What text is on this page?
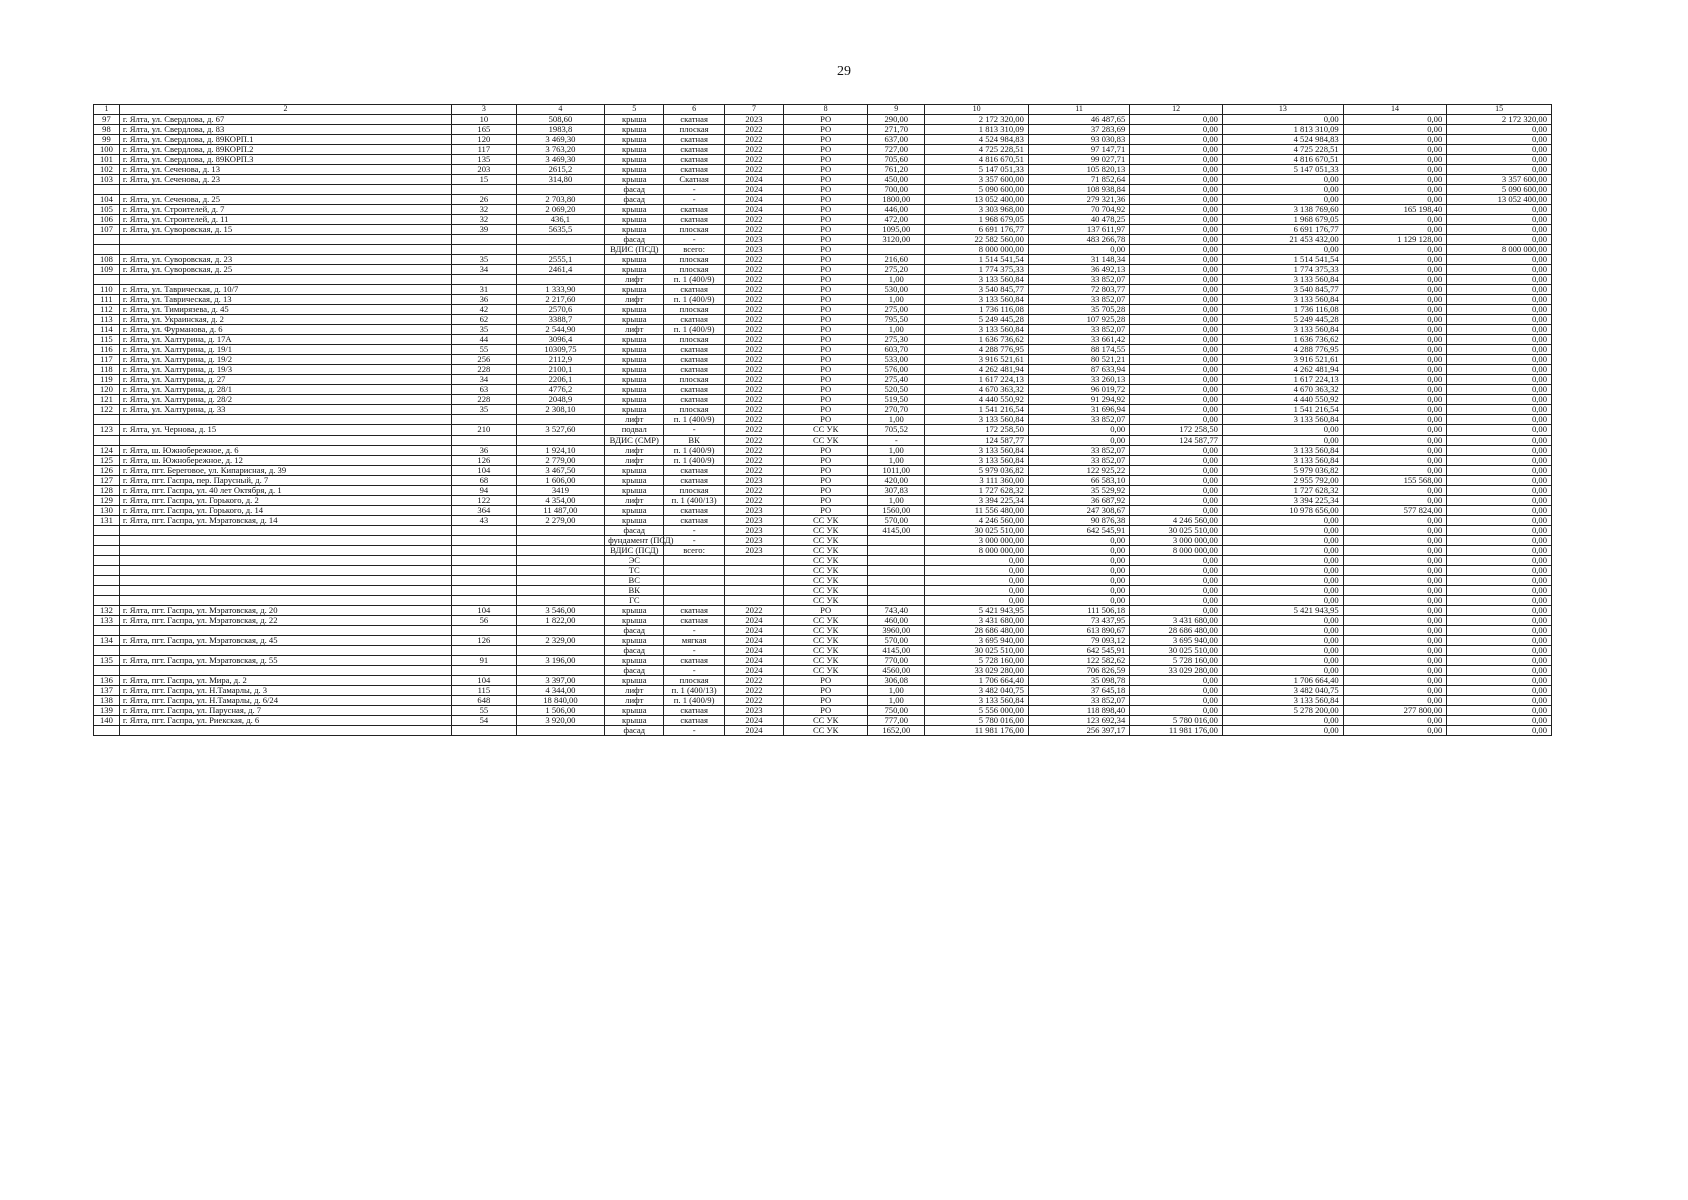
29
1	2	3	4	5	6	7	8	9	10	11	12	13	14	15
97	г. Ялта, ул. Свердлова, д. 67	10	508,60	крыша	скатная	2023	РО	290,00	2 172 320,00	46 487,65	0,00	0,00	0,00	2 172 320,00
98	г. Ялта, ул. Свердлова, д. 83	165	1983,8	крыша	плоская	2022	РО	271,70	1 813 310,09	37 283,69	0,00	1 813 310,09	0,00	0,00
99	г. Ялта, ул. Свердлова, д. 89КОРП.1	120	3 469,30	крыша	скатная	2022	РО	637,00	4 524 984,83	93 030,83	0,00	4 524 984,83	0,00	0,00
100	г. Ялта, ул. Свердлова, д. 89КОРП.2	117	3 763,20	крыша	скатная	2022	РО	727,00	4 725 228,51	97 147,71	0,00	4 725 228,51	0,00	0,00
101	г. Ялта, ул. Свердлова, д. 89КОРП.3	135	3 469,30	крыша	скатная	2022	РО	705,60	4 816 670,51	99 027,71	0,00	4 816 670,51	0,00	0,00
102	г. Ялта, ул. Сеченова, д. 13	203	2615,2	крыша	скатная	2022	РО	761,20	5 147 051,33	105 820,13	0,00	5 147 051,33	0,00	0,00
103	г. Ялта, ул. Сеченова, д. 23	15	314,80	крыша	Скатная	2024	РО	450,00	3 357 600,00	71 852,64	0,00	0,00	0,00	3 357 600,00
				фасад	-	2024	РО	700,00	5 090 600,00	108 938,84	0,00	0,00	0,00	5 090 600,00
104	г. Ялта, ул. Сеченова, д. 25	26	2 703,80	фасад	-	2024	РО	1800,00	13 052 400,00	279 321,36	0,00	0,00	0,00	13 052 400,00
105	г. Ялта, ул. Строителей, д. 7	32	2 069,20	крыша	скатная	2024	РО	446,00	3 303 968,00	70 704,92	0,00	3 138 769,60	165 198,40	0,00
106	г. Ялта, ул. Строителей, д. 11	32	436,1	крыша	скатная	2022	РО	472,00	1 968 679,05	40 478,25	0,00	1 968 679,05	0,00	0,00
107	г. Ялта, ул. Суворовская, д. 15	39	5635,5	крыша	плоская	2022	РО	1095,00	6 691 176,77	137 611,97	0,00	6 691 176,77	0,00	0,00
				фасад	-	2023	РО	3120,00	22 582 560,00	483 266,78	0,00	21 453 432,00	1 129 128,00	0,00
				ВДИС (ПСД)	всего:	2023	РО		8 000 000,00	0,00	0,00	0,00	0,00	8 000 000,00
108	г. Ялта, ул. Суворовская, д. 23	35	2555,1	крыша	плоская	2022	РО	216,60	1 514 541,54	31 148,34	0,00	1 514 541,54	0,00	0,00
109	г. Ялта, ул. Суворовская, д. 25	34	2461,4	крыша	плоская	2022	РО	275,20	1 774 375,33	36 492,13	0,00	1 774 375,33	0,00	0,00
				лифт	п. 1 (400/9)	2022	РО	1,00	3 133 560,84	33 852,07	0,00	3 133 560,84	0,00	0,00
110	г. Ялта, ул. Таврическая, д. 10/7	31	1 333,90	крыша	скатная	2022	РО	530,00	3 540 845,77	72 803,77	0,00	3 540 845,77	0,00	0,00
111	г. Ялта, ул. Таврическая, д. 13	36	2 217,60	лифт	п. 1 (400/9)	2022	РО	1,00	3 133 560,84	33 852,07	0,00	3 133 560,84	0,00	0,00
112	г. Ялта, ул. Тимирязева, д. 45	42	2570,6	крыша	плоская	2022	РО	275,00	1 736 116,08	35 705,28	0,00	1 736 116,08	0,00	0,00
113	г. Ялта, ул. Украинская, д. 2	62	3388,7	крыша	скатная	2022	РО	795,50	5 249 445,28	107 925,28	0,00	5 249 445,28	0,00	0,00
114	г. Ялта, ул. Фурманова, д. 6	35	2 544,90	лифт	п. 1 (400/9)	2022	РО	1,00	3 133 560,84	33 852,07	0,00	3 133 560,84	0,00	0,00
115	г. Ялта, ул. Халтурина, д. 17А	44	3096,4	крыша	плоская	2022	РО	275,30	1 636 736,62	33 661,42	0,00	1 636 736,62	0,00	0,00
116	г. Ялта, ул. Халтурина, д. 19/1	55	10309,75	крыша	скатная	2022	РО	603,70	4 288 776,95	88 174,55	0,00	4 288 776,95	0,00	0,00
117	г. Ялта, ул. Халтурина, д. 19/2	256	2112,9	крыша	скатная	2022	РО	533,00	3 916 521,61	80 521,21	0,00	3 916 521,61	0,00	0,00
118	г. Ялта, ул. Халтурина, д. 19/3	228	2100,1	крыша	скатная	2022	РО	576,00	4 262 481,94	87 633,94	0,00	4 262 481,94	0,00	0,00
119	г. Ялта, ул. Халтурина, д. 27	34	2206,1	крыша	плоская	2022	РО	275,40	1 617 224,13	33 260,13	0,00	1 617 224,13	0,00	0,00
120	г. Ялта, ул. Халтурина, д. 28/1	63	4776,2	крыша	скатная	2022	РО	520,50	4 670 363,32	96 019,72	0,00	4 670 363,32	0,00	0,00
121	г. Ялта, ул. Халтурина, д. 28/2	228	2048,9	крыша	скатная	2022	РО	519,50	4 440 550,92	91 294,92	0,00	4 440 550,92	0,00	0,00
122	г. Ялта, ул. Халтурина, д. 33	35	2 308,10	крыша	плоская	2022	РО	270,70	1 541 216,54	31 696,94	0,00	1 541 216,54	0,00	0,00
				лифт	п. 1 (400/9)	2022	РО	1,00	3 133 560,84	33 852,07	0,00	3 133 560,84	0,00	0,00
123	г. Ялта, ул. Чернова, д. 15	210	3 527,60	подвал	-	2022	СС УК	705,52	172 258,50	0,00	172 258,50	0,00	0,00	0,00
				ВДИС (СМР)	ВК	2022	СС УК	-	124 587,77	0,00	124 587,77	0,00	0,00	0,00
124	г. Ялта, ш. Южнобережное, д. 6	36	1 924,10	лифт	п. 1 (400/9)	2022	РО	1,00	3 133 560,84	33 852,07	0,00	3 133 560,84	0,00	0,00
125	г. Ялта, ш. Южнобережное, д. 12	126	2 779,00	лифт	п. 1 (400/9)	2022	РО	1,00	3 133 560,84	33 852,07	0,00	3 133 560,84	0,00	0,00
126	г. Ялта, пгт. Береговое, ул. Кипарисная, д. 39	104	3 467,50	крыша	скатная	2022	РО	1011,00	5 979 036,82	122 925,22	0,00	5 979 036,82	0,00	0,00
127	г. Ялта, пгт. Гаспра, пер. Парусный, д. 7	68	1 606,00	крыша	скатная	2023	РО	420,00	3 111 360,00	66 583,10	0,00	2 955 792,00	155 568,00	0,00
128	г. Ялта, пгт. Гаспра, ул. 40 лет Октября, д. 1	94	3419	крыша	плоская	2022	РО	307,83	1 727 628,32	35 529,92	0,00	1 727 628,32	0,00	0,00
129	г. Ялта, пгт. Гаспра, ул. Горького, д. 2	122	4 354,00	лифт	п. 1 (400/13)	2022	РО	1,00	3 394 225,34	36 687,92	0,00	3 394 225,34	0,00	0,00
130	г. Ялта, пгт. Гаспра, ул. Горького, д. 14	364	11 487,00	крыша	скатная	2023	РО	1560,00	11 556 480,00	247 308,67	0,00	10 978 656,00	577 824,00	0,00
131	г. Ялта, пгт. Гаспра, ул. Мэратовская, д. 14	43	2 279,00	крыша	скатная	2023	СС УК	570,00	4 246 560,00	90 876,38	4 246 560,00	0,00	0,00	0,00
				фасад	-	2023	СС УК	4145,00	30 025 510,00	642 545,91	30 025 510,00	0,00	0,00	0,00
				фундамент (ПСД)	-	2023	СС УК		3 000 000,00	0,00	3 000 000,00	0,00	0,00	0,00
				ВДИС (ПСД)	всего:	2023	СС УК		8 000 000,00	0,00	8 000 000,00	0,00	0,00	0,00
				ЭС			СС УК		0,00	0,00	0,00	0,00	0,00	0,00
				ТС			СС УК		0,00	0,00	0,00	0,00	0,00	0,00
				ВС			СС УК		0,00	0,00	0,00	0,00	0,00	0,00
				ВК			СС УК		0,00	0,00	0,00	0,00	0,00	0,00
				ГС			СС УК		0,00	0,00	0,00	0,00	0,00	0,00
132	г. Ялта, пгт. Гаспра, ул. Мэратовская, д. 20	104	3 546,00	крыша	скатная	2022	РО	743,40	5 421 943,95	111 506,18	0,00	5 421 943,95	0,00	0,00
133	г. Ялта, пгт. Гаспра, ул. Мэратовская, д. 22	56	1 822,00	крыша	скатная	2024	СС УК	460,00	3 431 680,00	73 437,95	3 431 680,00	0,00	0,00	0,00
				фасад	-	2024	СС УК	3960,00	28 686 480,00	613 890,67	28 686 480,00	0,00	0,00	0,00
134	г. Ялта, пгт. Гаспра, ул. Мэратовская, д. 45	126	2 329,00	крыша	мягкая	2024	СС УК	570,00	3 695 940,00	79 093,12	3 695 940,00	0,00	0,00	0,00
				фасад	-	2024	СС УК	4145,00	30 025 510,00	642 545,91	30 025 510,00	0,00	0,00	0,00
135	г. Ялта, пгт. Гаспра, ул. Мэратовская, д. 55	91	3 196,00	крыша	скатная	2024	СС УК	770,00	5 728 160,00	122 582,62	5 728 160,00	0,00	0,00	0,00
				фасад	-	2024	СС УК	4560,00	33 029 280,00	706 826,59	33 029 280,00	0,00	0,00	0,00
136	г. Ялта, пгт. Гаспра, ул. Мира, д. 2	104	3 397,00	крыша	плоская	2022	РО	306,08	1 706 664,40	35 098,78	0,00	1 706 664,40	0,00	0,00
137	г. Ялта, пгт. Гаспра, ул. Н.Тамарлы, д. 3	115	4 344,00	лифт	п. 1 (400/13)	2022	РО	1,00	3 482 040,75	37 645,18	0,00	3 482 040,75	0,00	0,00
138	г. Ялта, пгт. Гаспра, ул. Н.Тамарлы, д. 6/24	648	18 840,00	лифт	п. 1 (400/9)	2022	РО	1,00	3 133 560,84	33 852,07	0,00	3 133 560,84	0,00	0,00
139	г. Ялта, пгт. Гаспра, ул. Парусная, д. 7	55	1 506,00	крыша	скатная	2023	РО	750,00	5 556 000,00	118 898,40	0,00	5 278 200,00	277 800,00	0,00
140	г. Ялта, пгт. Гаспра, ул. Риекская, д. 6	54	3 920,00	крыша	скатная	2024	СС УК	777,00	5 780 016,00	123 692,34	5 780 016,00	0,00	0,00	0,00
				фасад	-	2024	СС УК	1652,00	11 981 176,00	256 397,17	11 981 176,00	0,00	0,00	0,00
